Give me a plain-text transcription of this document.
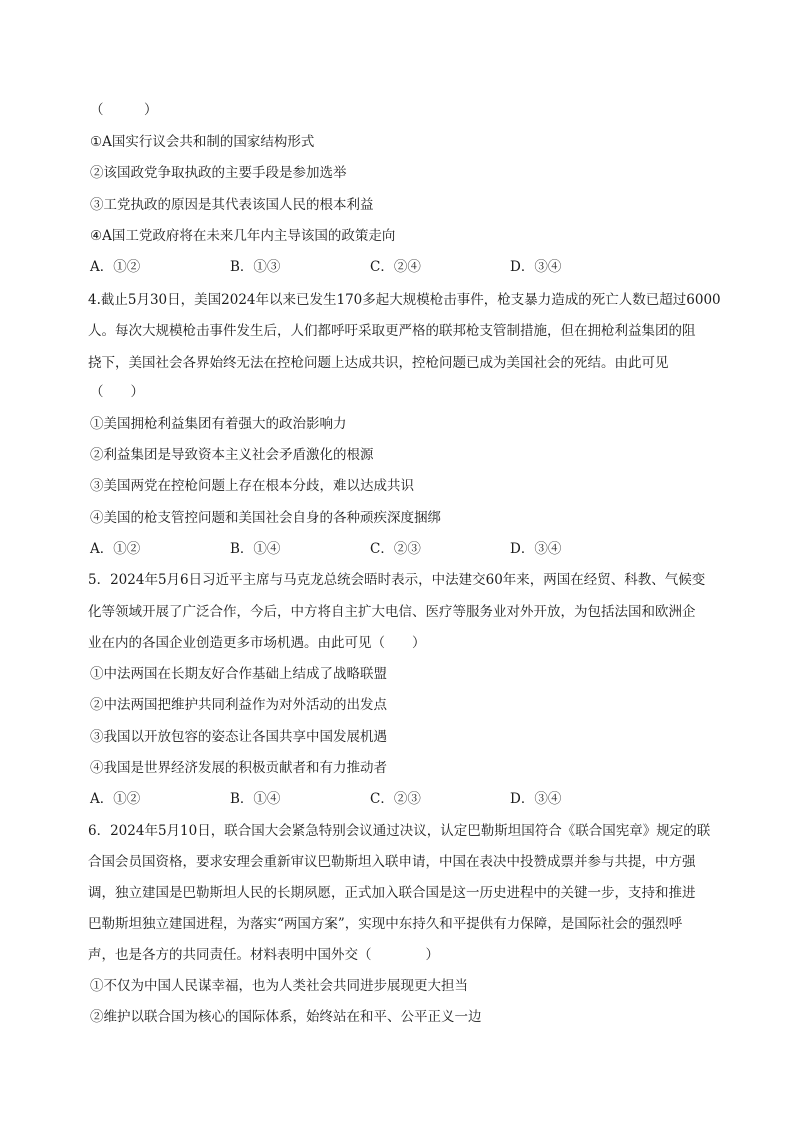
（　　　）

①A国实行议会共和制的国家结构形式

②该国政党争取执政的主要手段是参加选举

③工党执政的原因是其代表该国人民的根本利益

④A国工党政府将在未来几年内主导该国的政策走向

A．①②	B．①③	C．②④	D．③④

4.截止5月30日，美国2024年以来已发生170多起大规模枪击事件，枪支暴力造成的死亡人数已超过6000

人。每次大规模枪击事件发生后，人们都呼吁采取更严格的联邦枪支管制措施，但在拥枪利益集团的阻

挠下，美国社会各界始终无法在控枪问题上达成共识，控枪问题已成为美国社会的死结。由此可见

（　　）

①美国拥枪利益集团有着强大的政治影响力

②利益集团是导致资本主义社会矛盾激化的根源

③美国两党在控枪问题上存在根本分歧，难以达成共识

④美国的枪支管控问题和美国社会自身的各种顽疾深度捆绑

A．①②	B．①④	C．②③	D．③④

5．2024年5月6日习近平主席与马克龙总统会晤时表示，中法建交60年来，两国在经贸、科教、气候变

化等领域开展了广泛合作，今后，中方将自主扩大电信、医疗等服务业对外开放，为包括法国和欧洲企

业在内的各国企业创造更多市场机遇。由此可见（　　）

①中法两国在长期友好合作基础上结成了战略联盟

②中法两国把维护共同利益作为对外活动的出发点

③我国以开放包容的姿态让各国共享中国发展机遇

④我国是世界经济发展的积极贡献者和有力推动者

A．①②	B．①④	C．②③	D．③④

6．2024年5月10日，联合国大会紧急特别会议通过决议，认定巴勒斯坦国符合《联合国宪章》规定的联

合国会员国资格，要求安理会重新审议巴勒斯坦入联申请，中国在表决中投赞成票并参与共提，中方强

调，独立建国是巴勒斯坦人民的长期夙愿，正式加入联合国是这一历史进程中的关键一步，支持和推进

巴勒斯坦独立建国进程，为落实“两国方案”，实现中东持久和平提供有力保障，是国际社会的强烈呼

声，也是各方的共同责任。材料表明中国外交（　　　　）

①不仅为中国人民谋幸福，也为人类社会共同进步展现更大担当

②维护以联合国为核心的国际体系，始终站在和平、公平正义一边
